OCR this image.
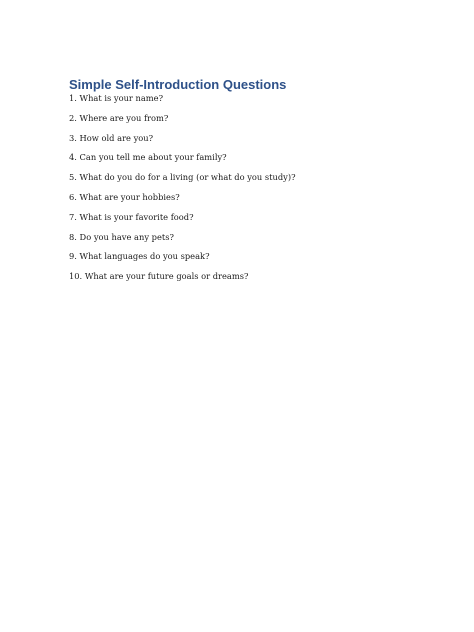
Simple Self-Introduction Questions
1. What is your name?
2. Where are you from?
3. How old are you?
4. Can you tell me about your family?
5. What do you do for a living (or what do you study)?
6. What are your hobbies?
7. What is your favorite food?
8. Do you have any pets?
9. What languages do you speak?
10. What are your future goals or dreams?
